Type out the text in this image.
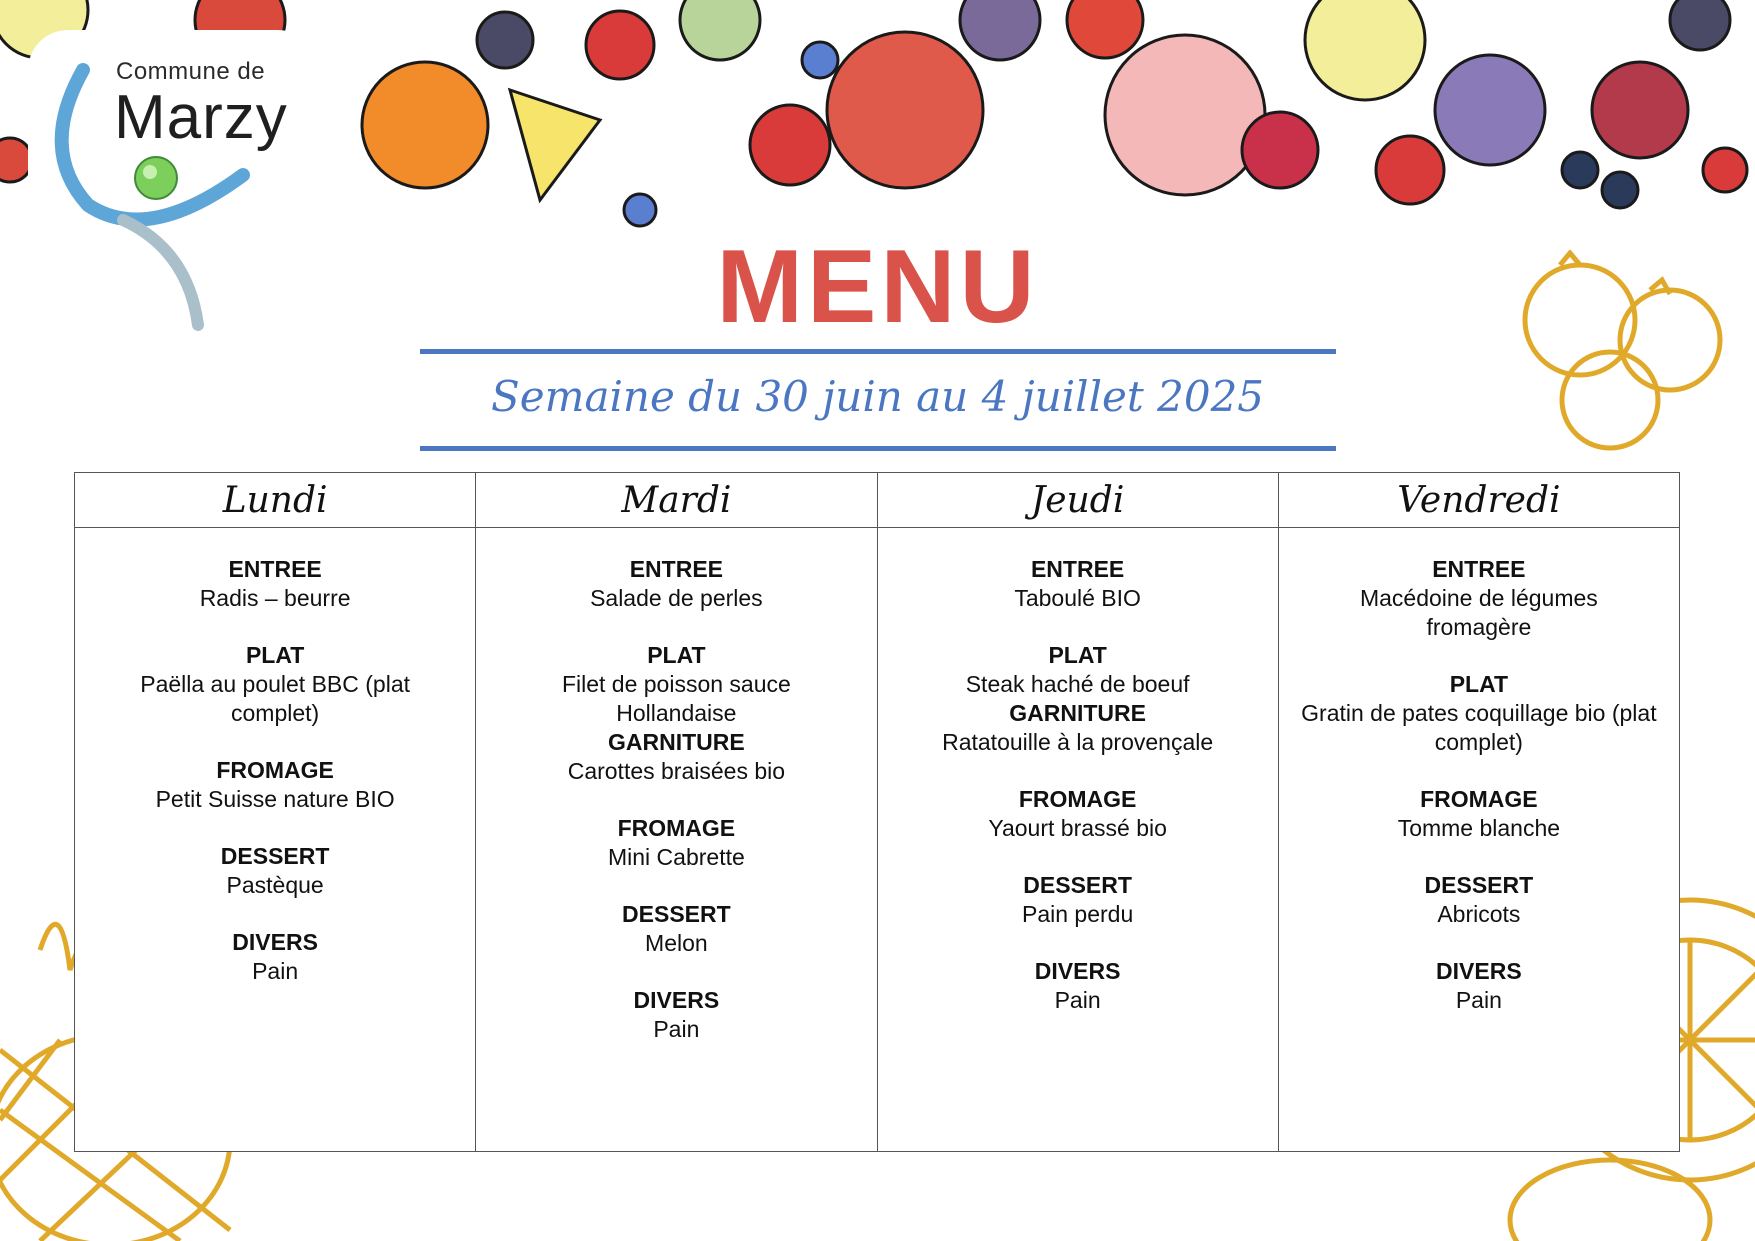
Commune de
Marzy
MENU
Semaine du 30 juin au 4 juillet 2025
Lundi
ENTREE
Radis – beurre
PLAT
Paëlla au poulet BBC (plat complet)
FROMAGE
Petit Suisse nature BIO
DESSERT
Pastèque
DIVERS
Pain
Mardi
ENTREE
Salade de perles
PLAT
Filet de poisson sauce Hollandaise
GARNITURE
Carottes braisées bio
FROMAGE
Mini Cabrette
DESSERT
Melon
DIVERS
Pain
Jeudi
ENTREE
Taboulé BIO
PLAT
Steak haché de boeuf
GARNITURE
Ratatouille à la provençale
FROMAGE
Yaourt brassé bio
DESSERT
Pain perdu
DIVERS
Pain
Vendredi
ENTREE
Macédoine de légumes fromagère
PLAT
Gratin de pates coquillage bio (plat complet)
FROMAGE
Tomme blanche
DESSERT
Abricots
DIVERS
Pain
